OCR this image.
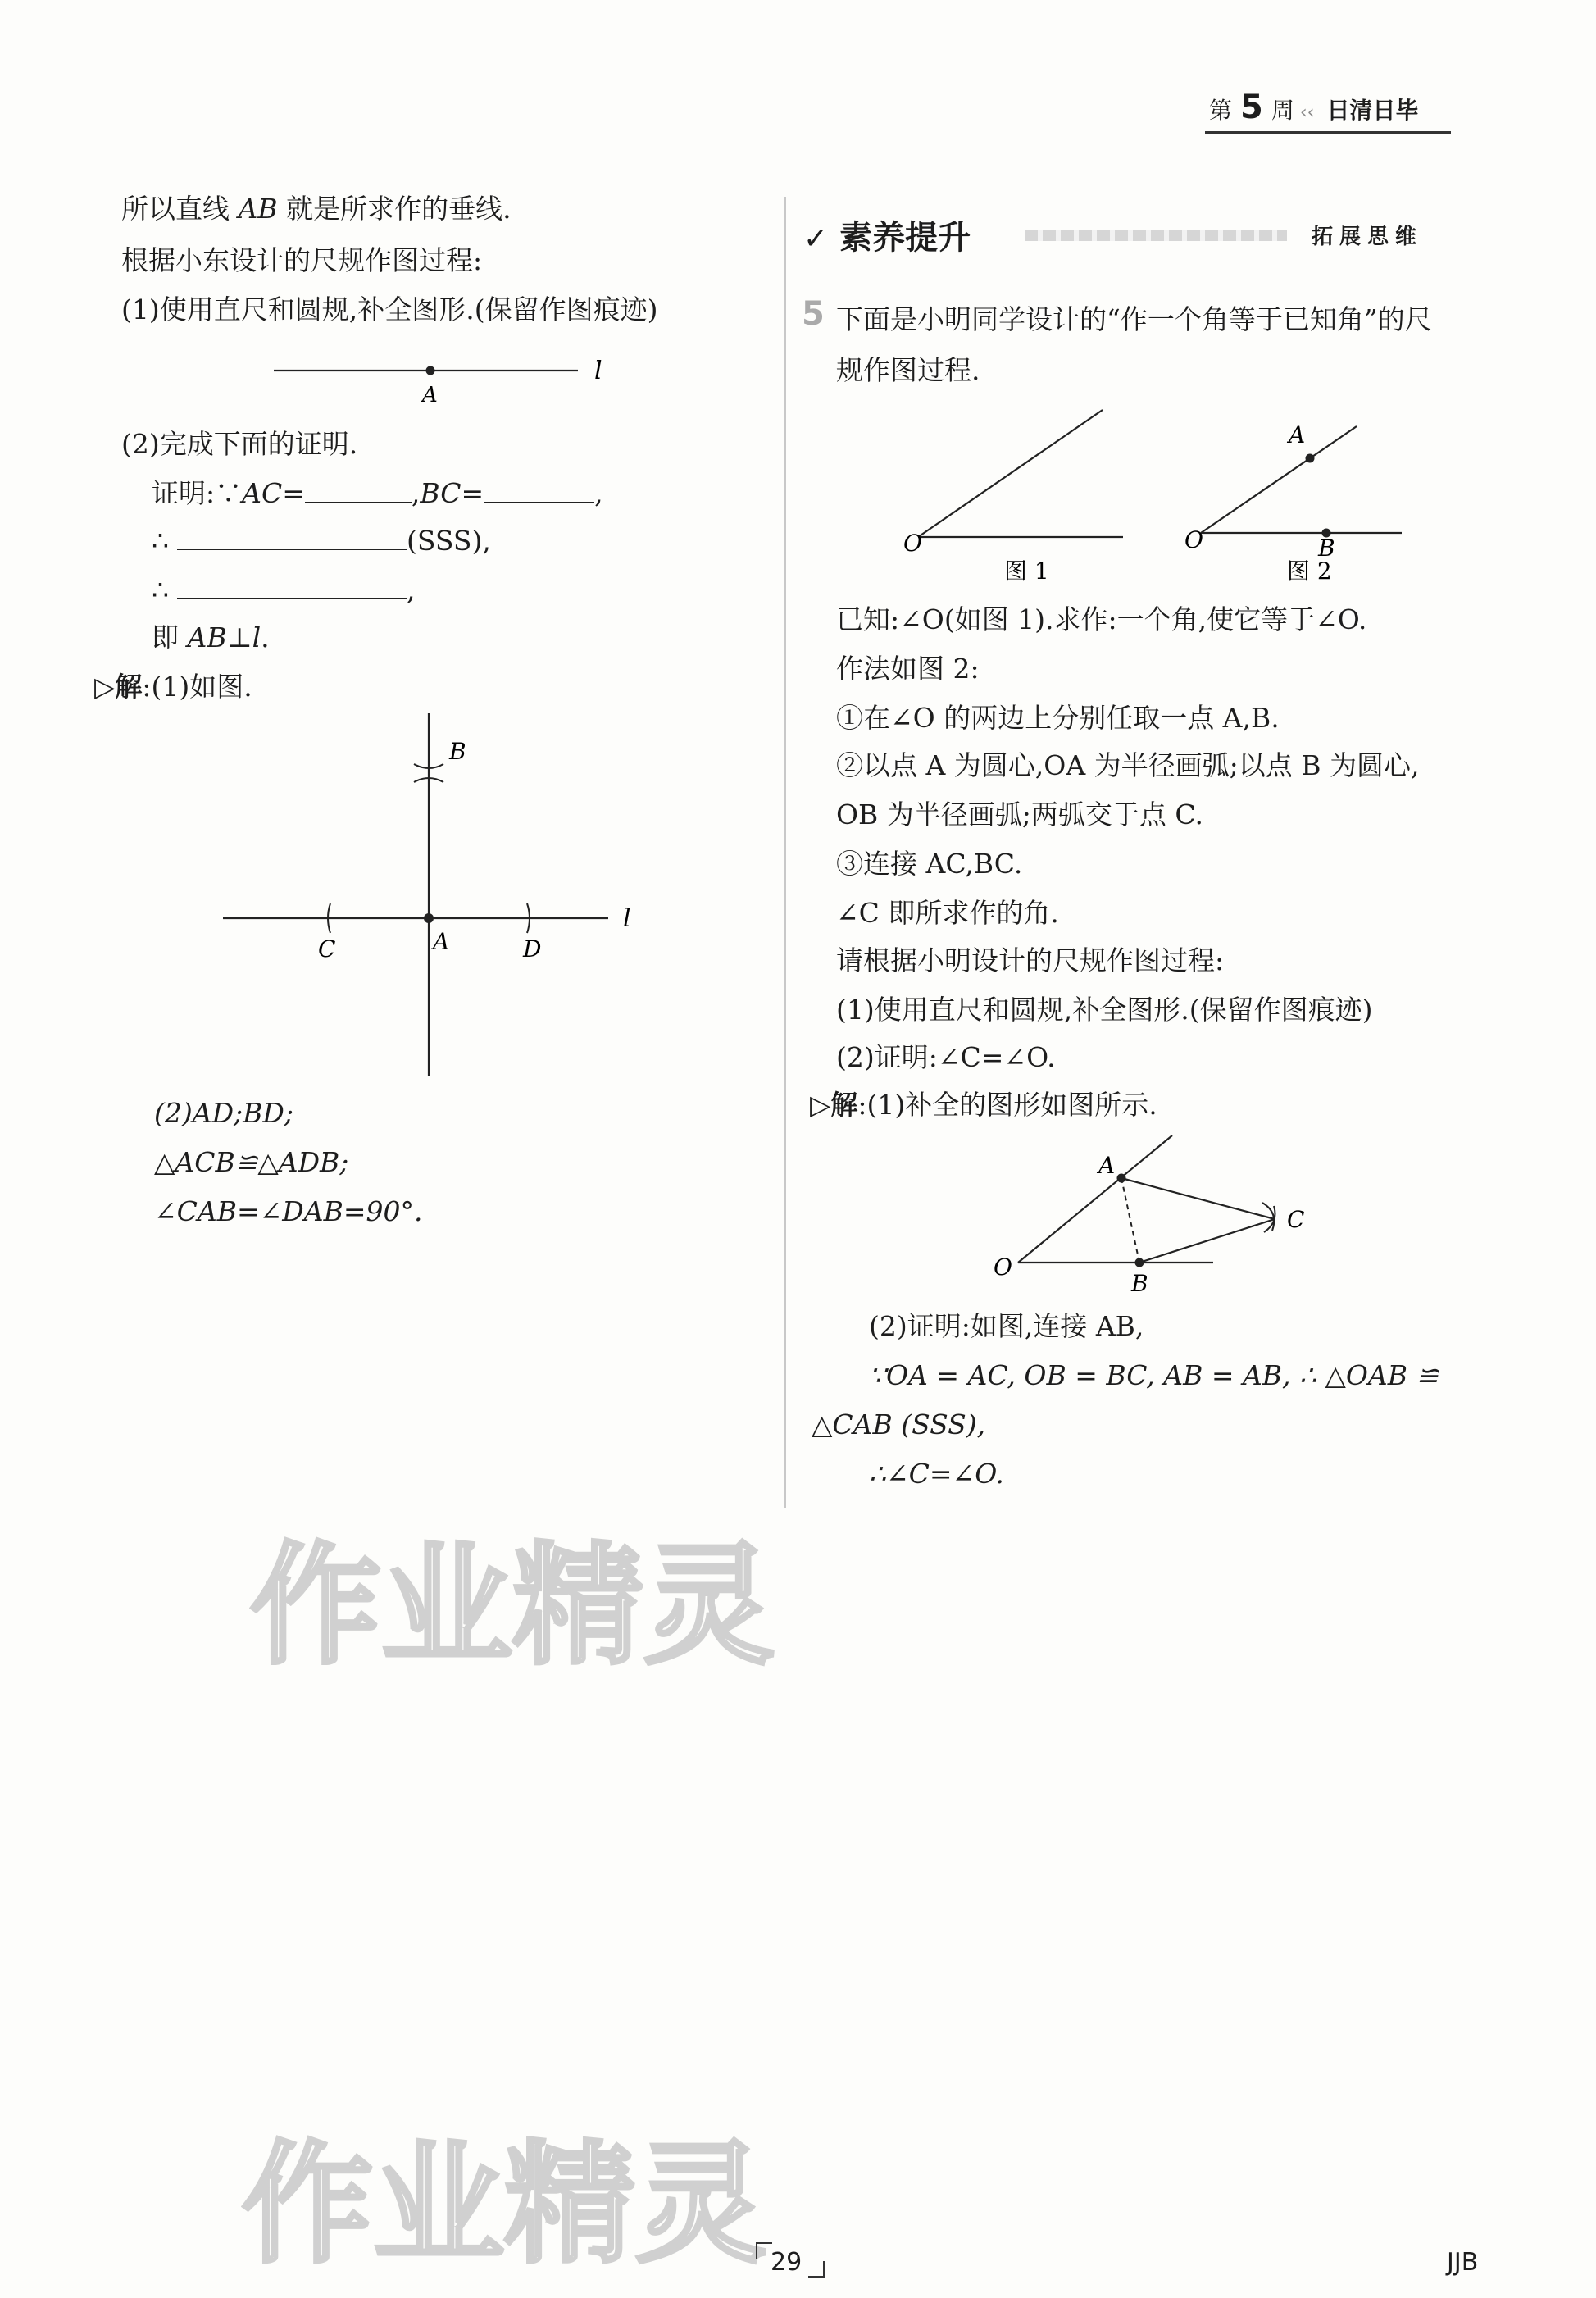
第 5 周 ‹‹ 日清日毕
所以直线 AB 就是所求作的垂线.
根据小东设计的尺规作图过程:
(1)使用直尺和圆规,补全图形.(保留作图痕迹)
l
A
(2)完成下面的证明.
证明:∵AC=	,BC=	,
∴	(SSS),
∴	,
即 AB⊥l.
▷解:(1)如图.
B
C	A	D
l
(2)AD;BD;
△ACB≌△ADB;
∠CAB=∠DAB=90°.
✓ 素养提升	拓展思维
5 下面是小明同学设计的“作一个角等于已知角”的尺
规作图过程.
O
图 1
O
A
B
图 2
已知:∠O(如图 1).求作:一个角,使它等于∠O.
作法如图 2:
①在∠O 的两边上分别任取一点 A,B.
②以点 A 为圆心,OA 为半径画弧;以点 B 为圆心,
OB 为半径画弧;两弧交于点 C.
③连接 AC,BC.
∠C 即所求作的角.
请根据小明设计的尺规作图过程:
(1)使用直尺和圆规,补全图形.(保留作图痕迹)
(2)证明:∠C=∠O.
▷解:(1)补全的图形如图所示.
A
C
O
B
(2)证明:如图,连接 AB,
∵OA = AC, OB = BC, AB = AB, ∴ △OAB ≌
△CAB (SSS),
∴∠C=∠O.
作业精灵
作业精灵 29	JJB
